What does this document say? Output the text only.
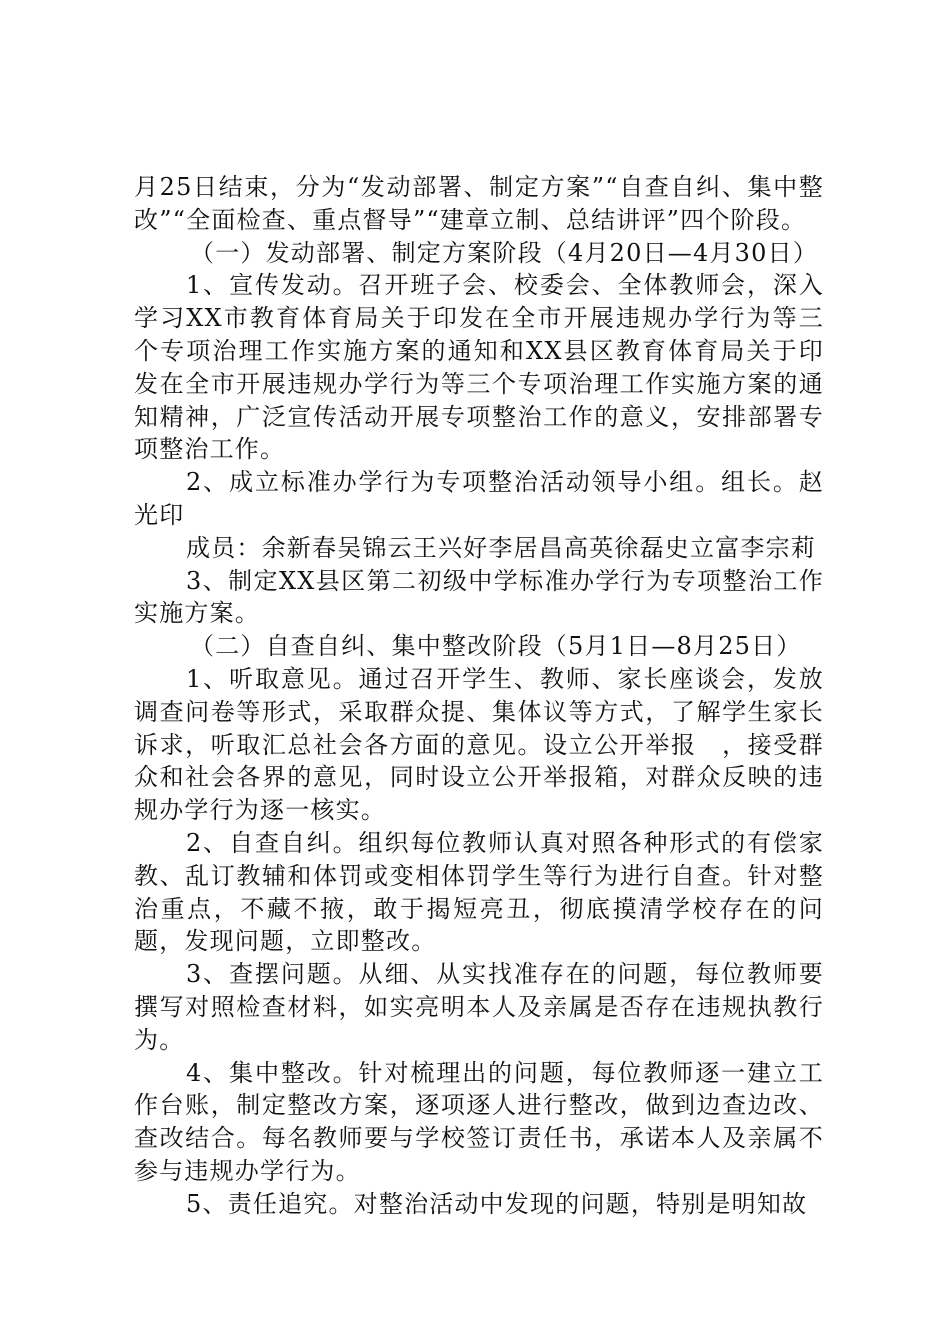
月25日结束，分为“发动部署、制定方案”“自查自纠、集中整改”“全面检查、重点督导”“建章立制、总结讲评”四个阶段。

（一）发动部署、制定方案阶段（4月20日—4月30日）

1、宣传发动。召开班子会、校委会、全体教师会，深入学习XX市教育体育局关于印发在全市开展违规办学行为等三个专项治理工作实施方案的通知和XX县区教育体育局关于印发在全市开展违规办学行为等三个专项治理工作实施方案的通知精神，广泛宣传活动开展专项整治工作的意义，安排部署专项整治工作。

2、成立标准办学行为专项整治活动领导小组。组长。赵光印

成员：余新春吴锦云王兴好李居昌高英徐磊史立富李宗莉

3、制定XX县区第二初级中学标准办学行为专项整治工作实施方案。

（二）自查自纠、集中整改阶段（5月1日—8月25日）

1、听取意见。通过召开学生、教师、家长座谈会，发放调查问卷等形式，采取群众提、集体议等方式，了解学生家长诉求，听取汇总社会各方面的意见。设立公开举报　，接受群众和社会各界的意见，同时设立公开举报箱，对群众反映的违规办学行为逐一核实。

2、自查自纠。组织每位教师认真对照各种形式的有偿家教、乱订教辅和体罚或变相体罚学生等行为进行自查。针对整治重点，不藏不掖，敢于揭短亮丑，彻底摸清学校存在的问题，发现问题，立即整改。

3、查摆问题。从细、从实找准存在的问题，每位教师要撰写对照检查材料，如实亮明本人及亲属是否存在违规执教行为。

4、集中整改。针对梳理出的问题，每位教师逐一建立工作台账，制定整改方案，逐项逐人进行整改，做到边查边改、查改结合。每名教师要与学校签订责任书，承诺本人及亲属不参与违规办学行为。

5、责任追究。对整治活动中发现的问题，特别是明知故
